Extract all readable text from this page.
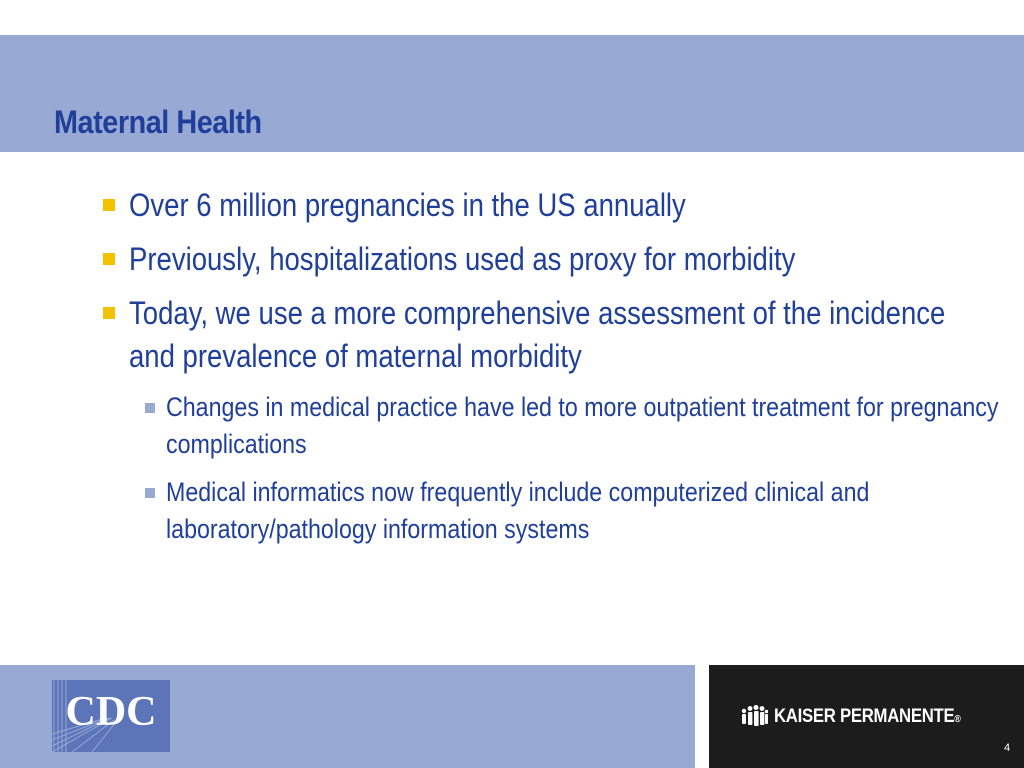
Maternal Health
Over 6 million pregnancies in the US annually
Previously, hospitalizations used as proxy for morbidity
Today, we use a more comprehensive assessment of the incidence and prevalence of maternal morbidity
Changes in medical practice have led to more outpatient treatment for pregnancy complications
Medical informatics now frequently include computerized clinical and laboratory/pathology information systems
CDC	KAISER PERMANENTE®
4
